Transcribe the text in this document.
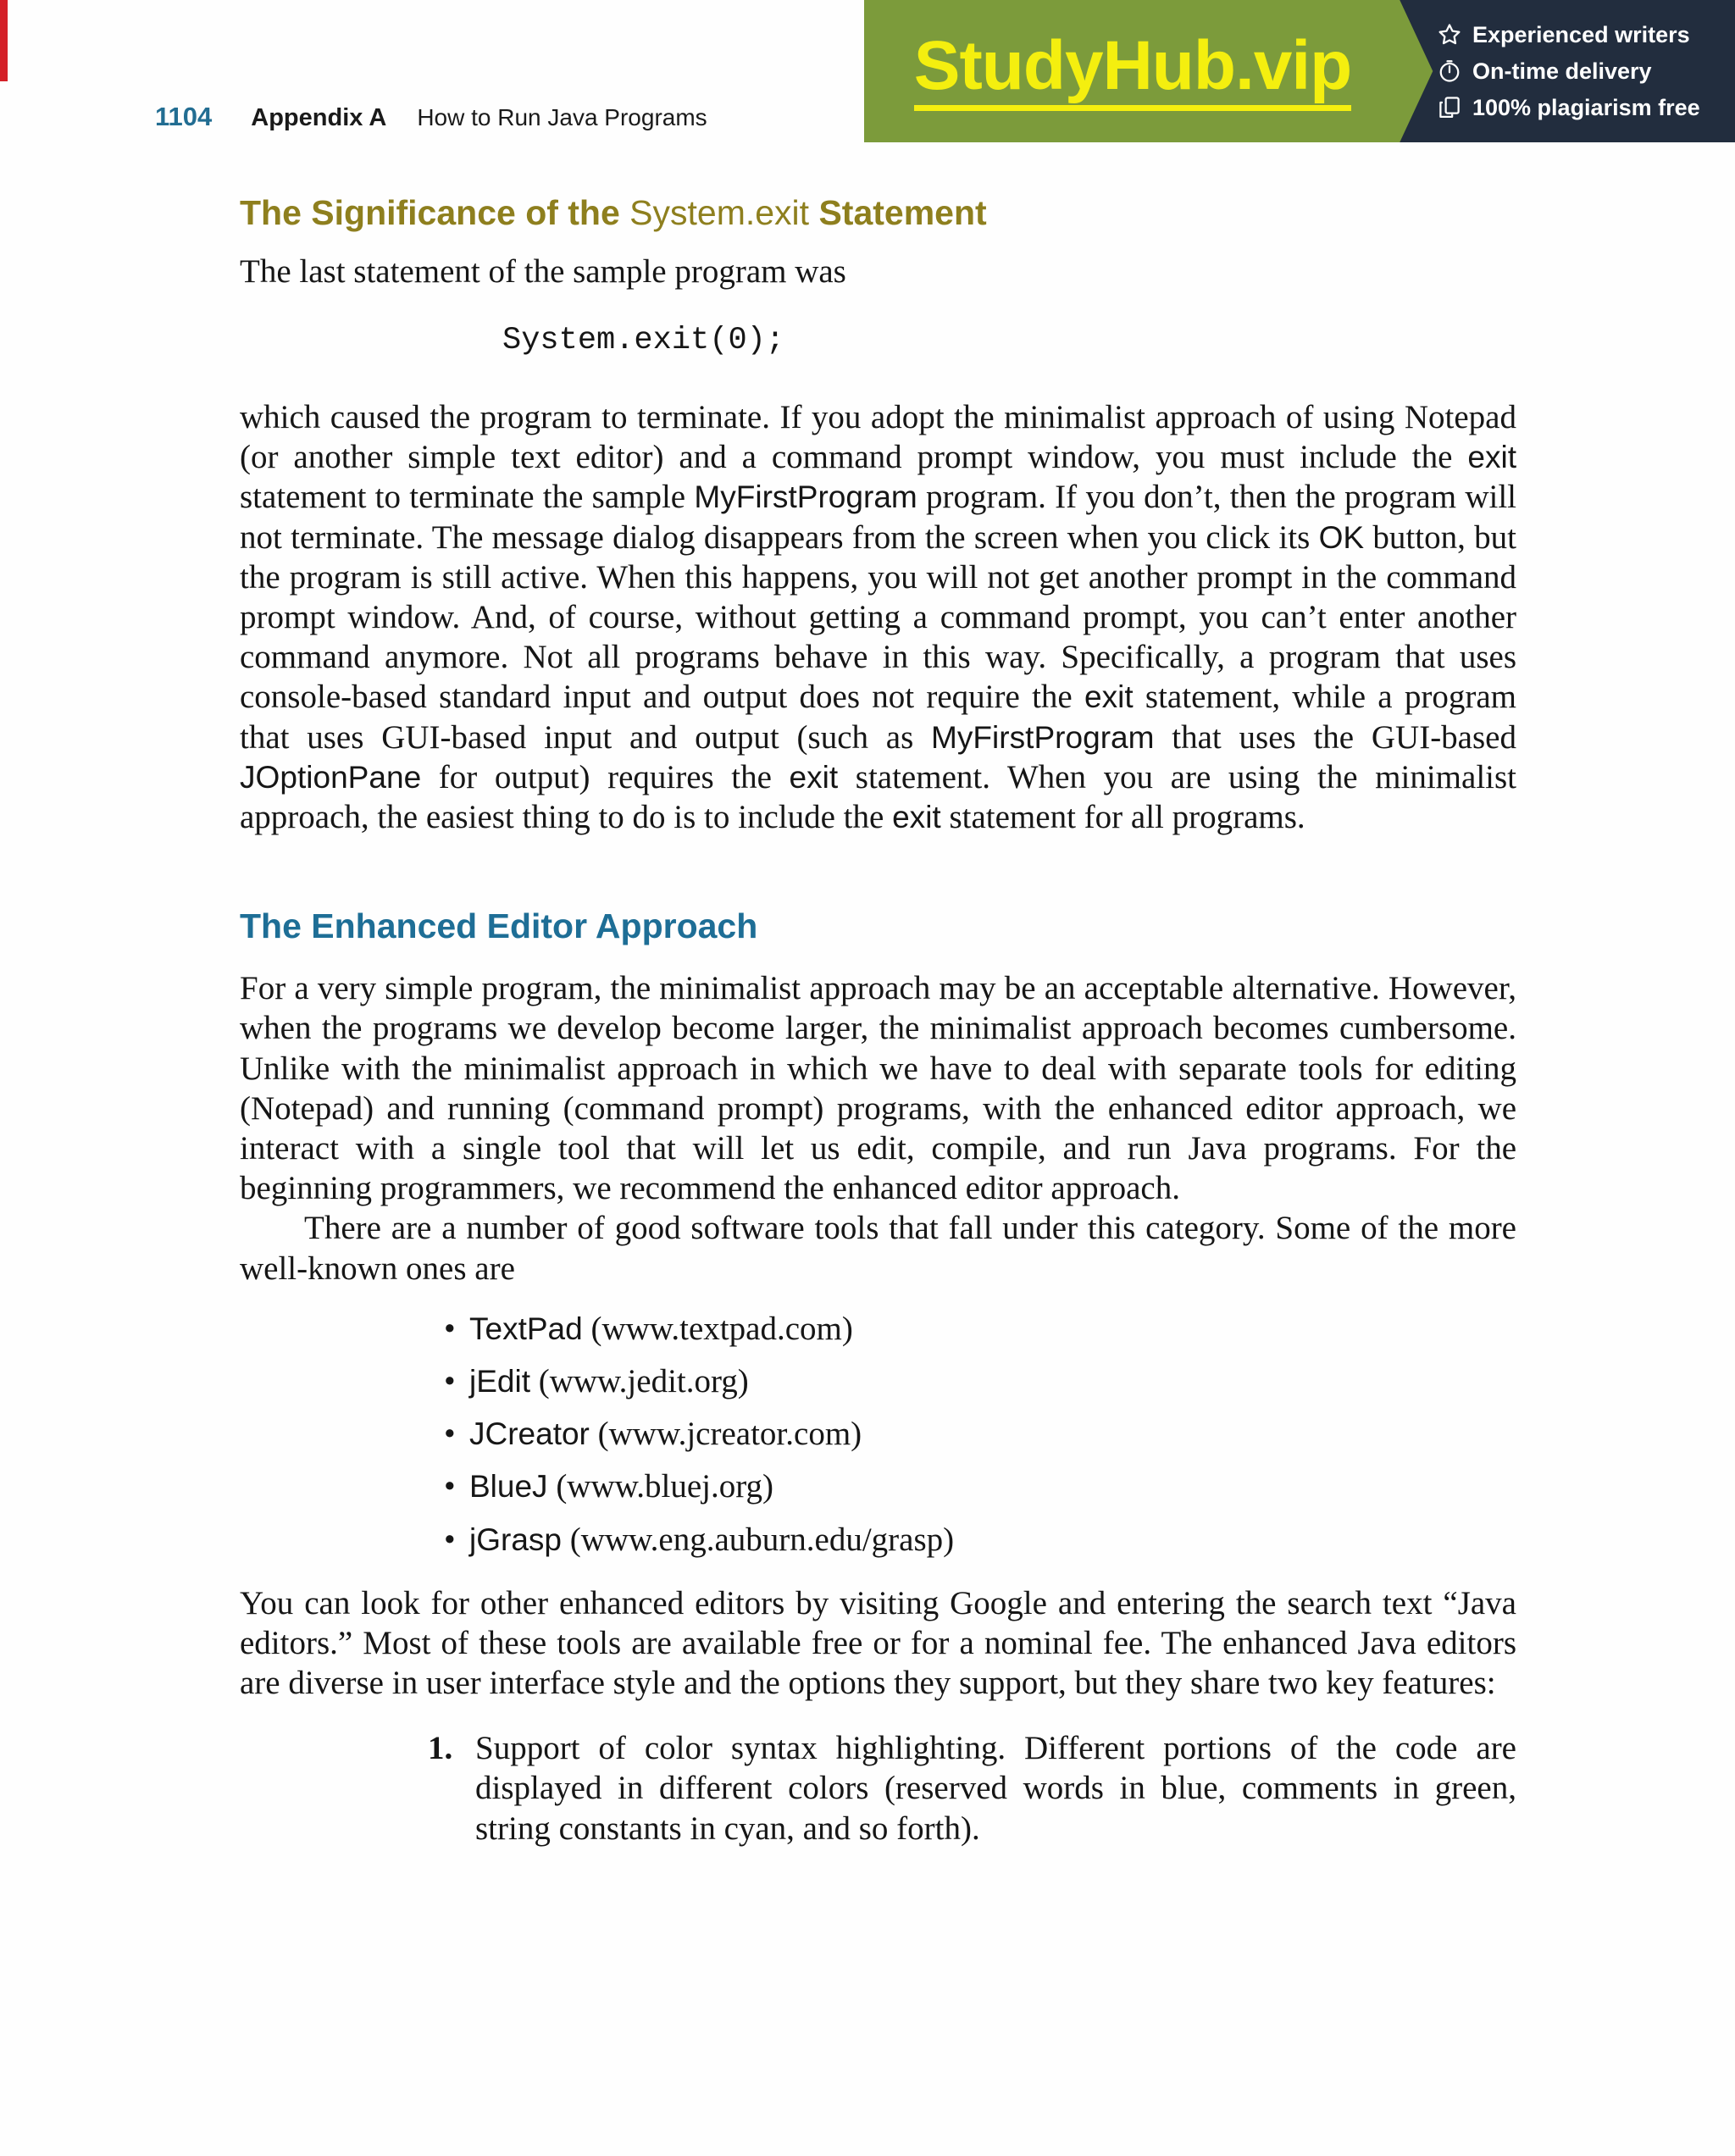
StudyHub.vip	Experienced writers
On-time delivery
100% plagiarism free
1104 Appendix A How to Run Java Programs
The Significance of the System.exit Statement

The last statement of the sample program was

System.exit(0);

which caused the program to terminate. If you adopt the minimalist approach of using Notepad (or another simple text editor) and a command prompt window, you must include the exit statement to terminate the sample MyFirstProgram program. If you don’t, then the program will not terminate. The message dialog disappears from the screen when you click its OK button, but the program is still active. When this happens, you will not get another prompt in the command prompt window. And, of course, without getting a command prompt, you can’t enter another command anymore. Not all programs behave in this way. Specifically, a program that uses console-based standard input and output does not require the exit statement, while a program that uses GUI-based input and output (such as MyFirstProgram that uses the GUI-based JOptionPane for output) requires the exit statement. When you are using the minimalist approach, the easiest thing to do is to include the exit statement for all programs.

The Enhanced Editor Approach

For a very simple program, the minimalist approach may be an acceptable alternative. However, when the programs we develop become larger, the minimalist approach becomes cumbersome. Unlike with the minimalist approach in which we have to deal with separate tools for editing (Notepad) and running (command prompt) programs, with the enhanced editor approach, we interact with a single tool that will let us edit, compile, and run Java programs. For the beginning programmers, we recommend the enhanced editor approach.

There are a number of good software tools that fall under this category. Some of the more well-known ones are

• TextPad (www.textpad.com)
• jEdit (www.jedit.org)
• JCreator (www.jcreator.com)
• BlueJ (www.bluej.org)
• jGrasp (www.eng.auburn.edu/grasp)

You can look for other enhanced editors by visiting Google and entering the search text “Java editors.” Most of these tools are available free or for a nominal fee. The enhanced Java editors are diverse in user interface style and the options they support, but they share two key features:

1. Support of color syntax highlighting. Different portions of the code are displayed in different colors (reserved words in blue, comments in green, string constants in cyan, and so forth).
